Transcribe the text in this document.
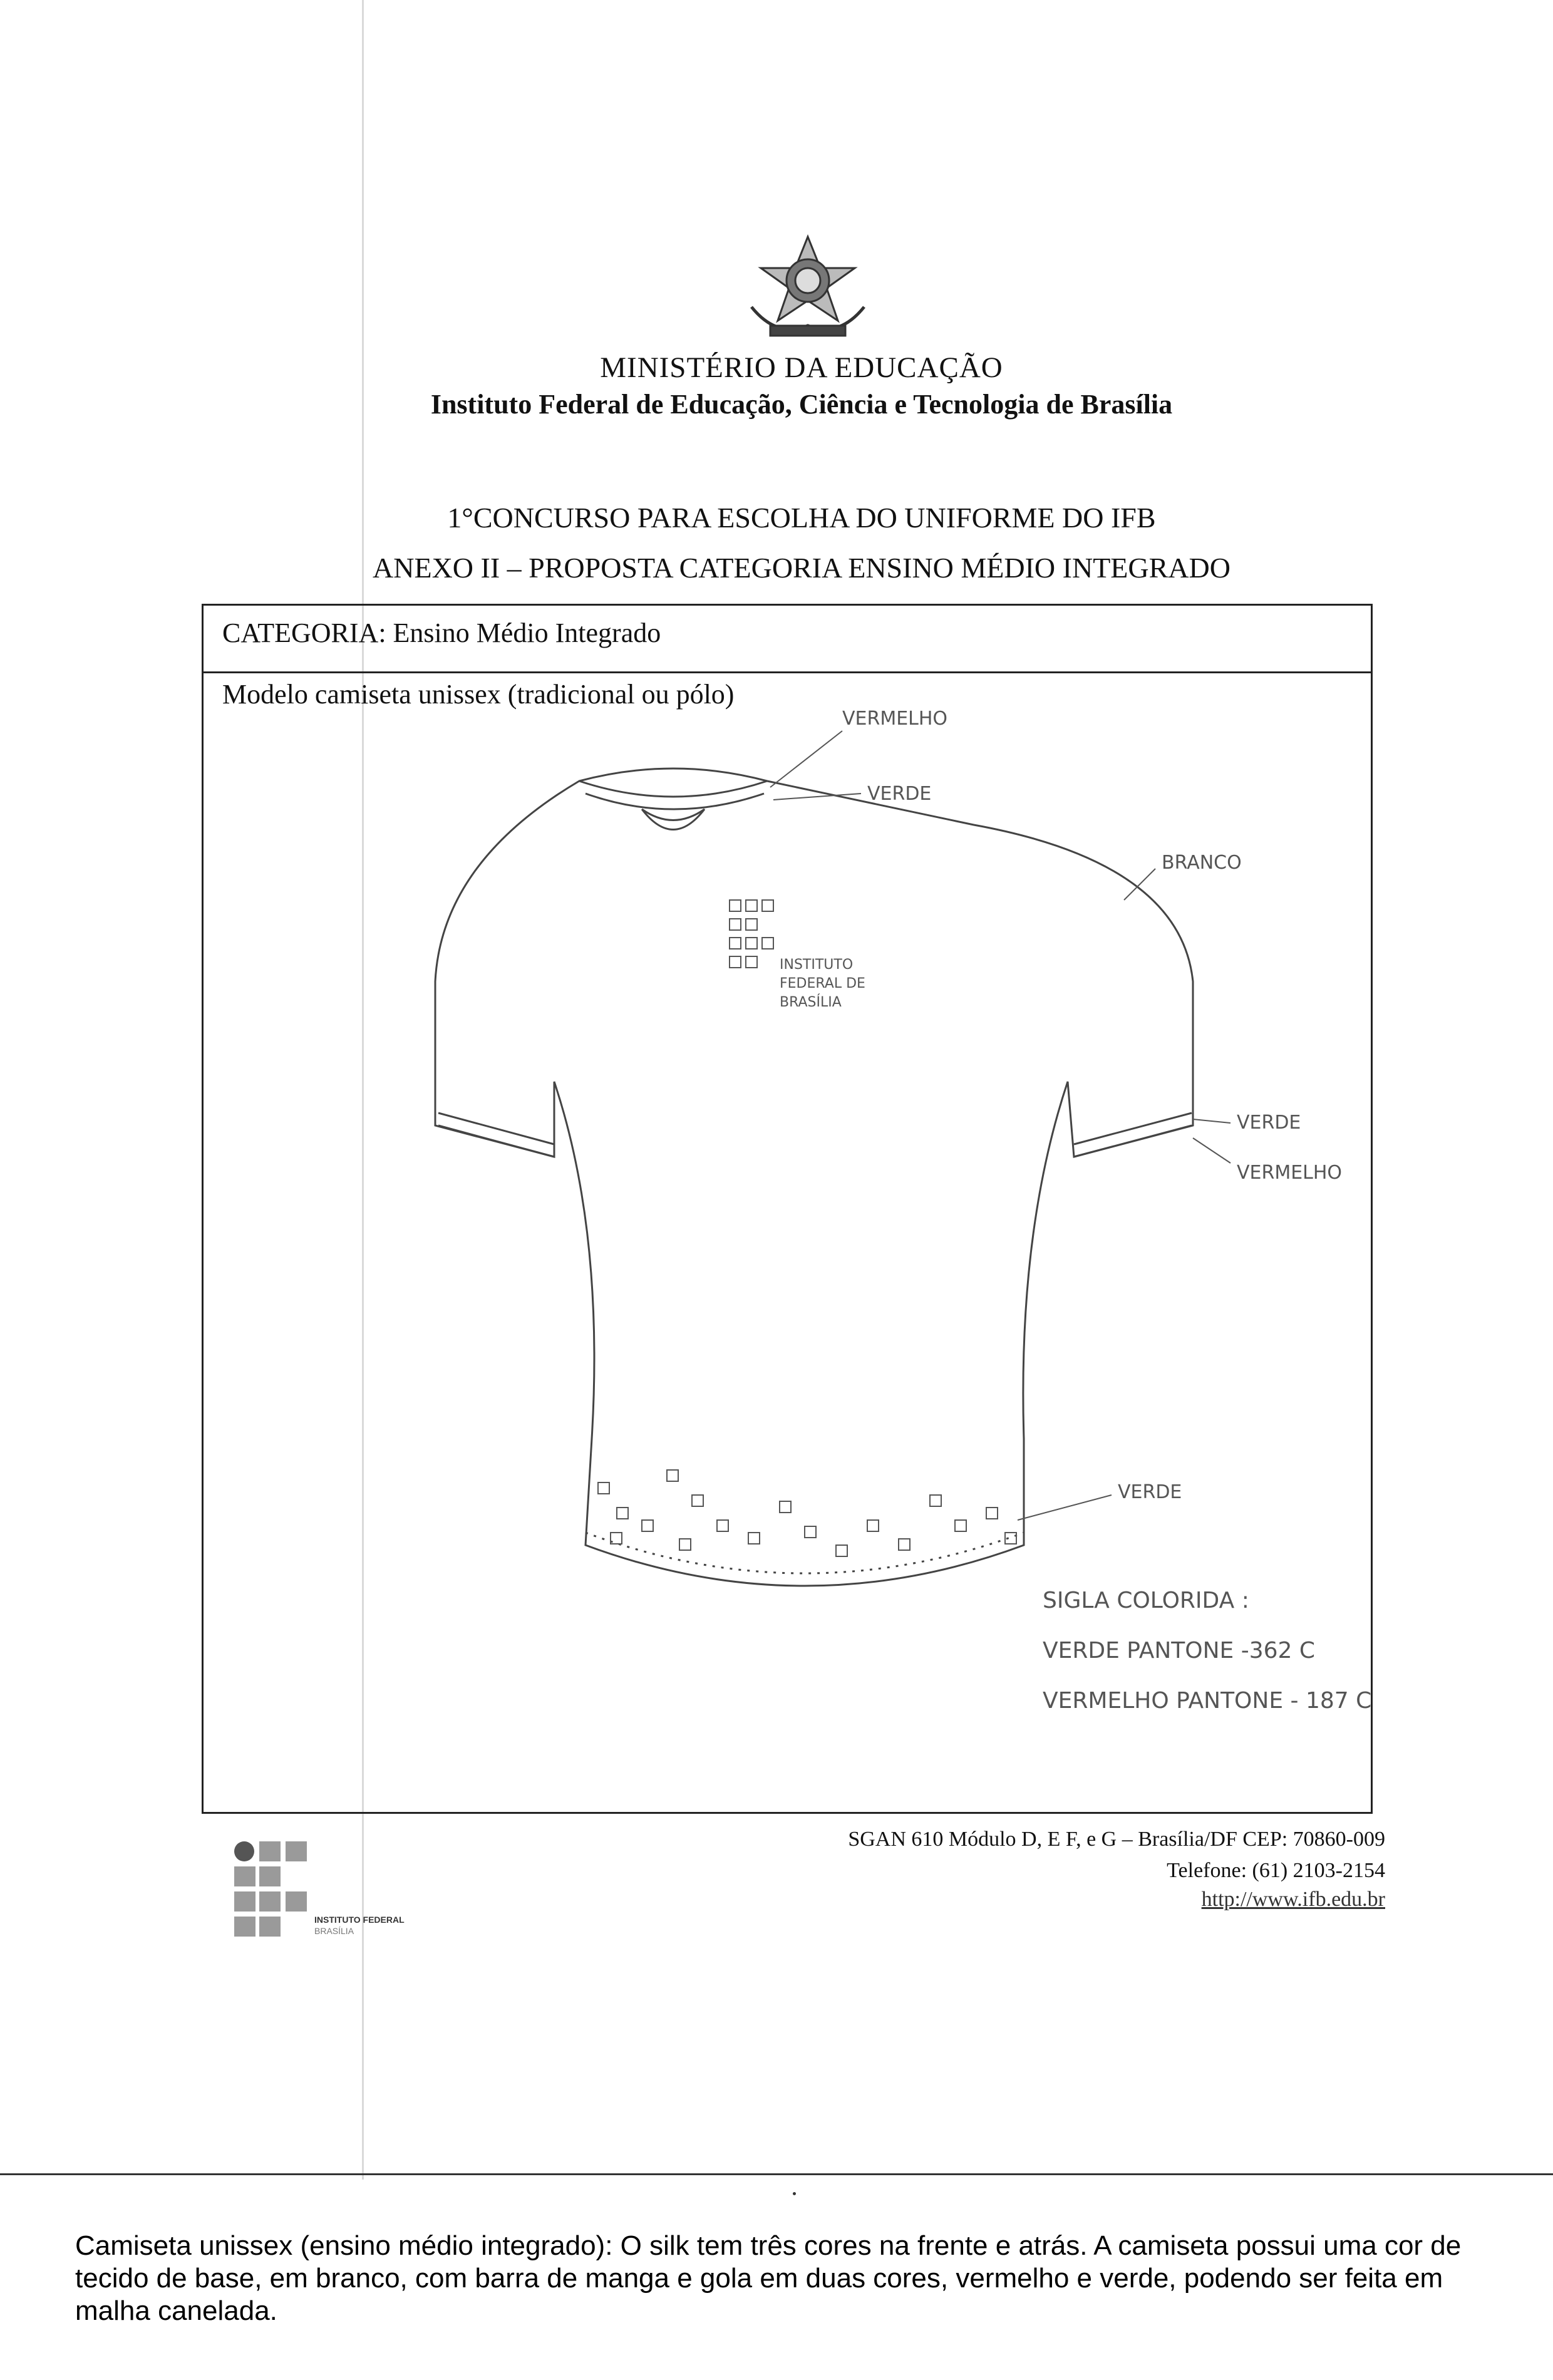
MINISTÉRIO DA EDUCAÇÃO
Instituto Federal de Educação, Ciência e Tecnologia de Brasília
1°CONCURSO PARA ESCOLHA DO UNIFORME DO IFB
ANEXO II – PROPOSTA CATEGORIA ENSINO MÉDIO INTEGRADO
CATEGORIA: Ensino Médio Integrado
Modelo camiseta unissex (tradicional ou pólo)
VERMELHO
VERDE
BRANCO
VERDE
VERMELHO
INSTITUTO
FEDERAL DE
BRASÍLIA
VERDE
SIGLA COLORIDA :
VERDE PANTONE -362 C
VERMELHO PANTONE - 187 C
INSTITUTO FEDERAL
BRASÍLIA
SGAN 610 Módulo D, E F, e G – Brasília/DF CEP: 70860-009
Telefone: (61) 2103-2154
http://www.ifb.edu.br
Camiseta unissex (ensino médio integrado): O silk tem três cores na frente e atrás. A camiseta possui uma cor de tecido de base, em branco, com barra de manga e gola em duas cores, vermelho e verde, podendo ser feita em malha canelada.
